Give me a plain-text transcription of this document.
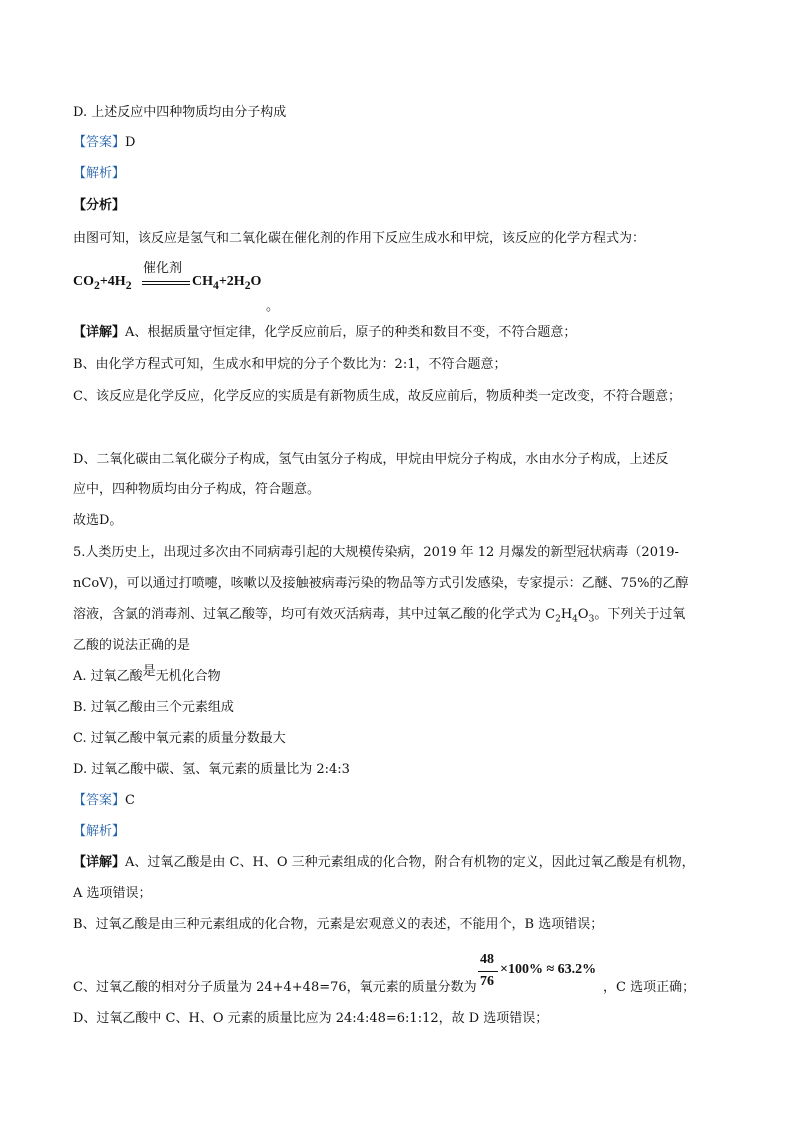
D. 上述反应中四种物质均由分子构成
【答案】D
【解析】
【分析】
由图可知，该反应是氢气和二氧化碳在催化剂的作用下反应生成水和甲烷，该反应的化学方程式为：
$CO_2+4H_2$
催化剂
$CH_4+2H_2O$
。
【详解】A、根据质量守恒定律，化学反应前后，原子的种类和数目不变，不符合题意；
B、由化学方程式可知，生成水和甲烷的分子个数比为：2:1，不符合题意；
C、该反应是化学反应，化学反应的实质是有新物质生成，故反应前后，物质种类一定改变，不符合题意；
D、二氧化碳由二氧化碳分子构成，氢气由氢分子构成，甲烷由甲烷分子构成，水由水分子构成，上述反
应中，四种物质均由分子构成，符合题意。
故选D。
5.人类历史上，出现过多次由不同病毒引起的大规模传染病，2019 年 12 月爆发的新型冠状病毒（2019-
nCoV)，可以通过打喷嚏，咳嗽以及接触被病毒污染的物品等方式引发感染，专家提示：乙醚、75%的乙醇
溶液，含氯的消毒剂、过氧乙酸等，均可有效灭活病毒，其中过氧乙酸的化学式为 $C_2H_4O_3$。下列关于过氧
乙酸的说法正确的是
A. 过氧乙酸是无机化合物
B. 过氧乙酸由三个元素组成
C. 过氧乙酸中氧元素的质量分数最大
D. 过氧乙酸中碳、氢、氧元素的质量比为 2:4:3
【答案】C
【解析】
【详解】A、过氧乙酸是由 C、H、O 三种元素组成的化合物，附合有机物的定义，因此过氧乙酸是有机物，
A 选项错误；
B、过氧乙酸是由三种元素组成的化合物，元素是宏观意义的表述，不能用个，B 选项错误；
C、过氧乙酸的相对分子质量为 24+4+48=76，氧元素的质量分数为
48
76
×100% ≈ 63.2%
，C 选项正确；
D、过氧乙酸中 C、H、O 元素的质量比应为 24:4:48=6:1:12，故 D 选项错误；
